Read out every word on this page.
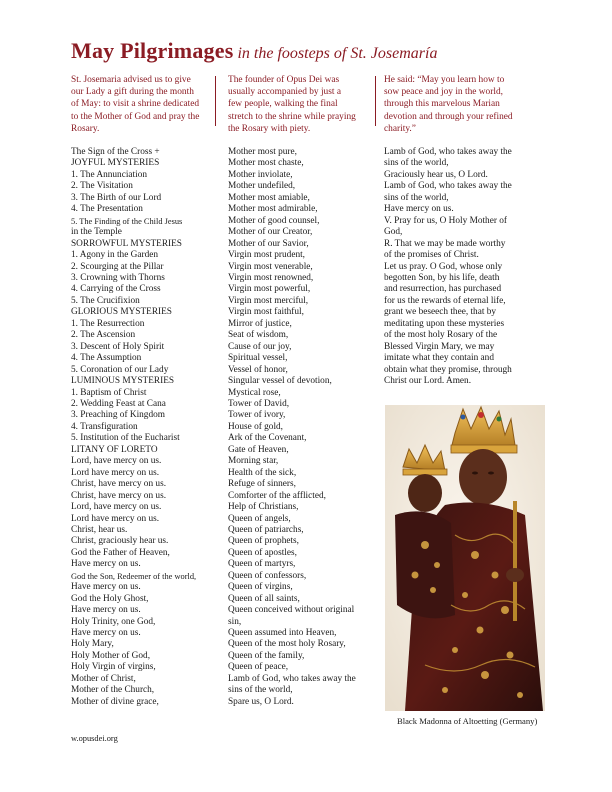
May Pilgrimages in the foosteps of St. Josemaría
St. Josemaria advised us to give
our Lady a gift during the month
of May: to visit a shrine dedicated
to the Mother of God and pray the
Rosary.
The founder of Opus Dei was
usually accompanied by just a
few people, walking the final
stretch to the shrine while praying
the Rosary with piety.
He said: “May you learn how to
sow peace and joy in the world,
through this marvelous Marian
devotion and through your refined
charity.”
The Sign of the Cross +
JOYFUL MYSTERIES
1. The Annunciation
2. The Visitation
3. The Birth of our Lord
4. The Presentation
5. The Finding of the Child Jesus
in the Temple
SORROWFUL MYSTERIES
1. Agony in the Garden
2. Scourging at the Pillar
3. Crowning with Thorns
4. Carrying of the Cross
5. The Crucifixion
GLORIOUS MYSTERIES
1. The Resurrection
2. The Ascension
3. Descent of Holy Spirit
4. The Assumption
5. Coronation of our Lady
LUMINOUS MYSTERIES
1. Baptism of Christ
2. Wedding Feast at Cana
3. Preaching of Kingdom
4. Transfiguration
5. Institution of the Eucharist
LITANY OF LORETO
Lord, have mercy on us.
Lord have mercy on us.
Christ, have mercy on us.
Christ, have mercy on us.
Lord, have mercy on us.
Lord have mercy on us.
Christ, hear us.
Christ, graciously hear us.
God the Father of Heaven,
Have mercy on us.
God the Son, Redeemer of the world,
Have mercy on us.
God the Holy Ghost,
Have mercy on us.
Holy Trinity, one God,
Have mercy on us.
Holy Mary,
Holy Mother of God,
Holy Virgin of virgins,
Mother of Christ,
Mother of the Church,
Mother of divine grace,
Mother most pure,
Mother most chaste,
Mother inviolate,
Mother undefiled,
Mother most amiable,
Mother most admirable,
Mother of good counsel,
Mother of our Creator,
Mother of our Savior,
Virgin most prudent,
Virgin most venerable,
Virgin most renowned,
Virgin most powerful,
Virgin most merciful,
Virgin most faithful,
Mirror of justice,
Seat of wisdom,
Cause of our joy,
Spiritual vessel,
Vessel of honor,
Singular vessel of devotion,
Mystical rose,
Tower of David,
Tower of ivory,
House of gold,
Ark of the Covenant,
Gate of Heaven,
Morning star,
Health of the sick,
Refuge of sinners,
Comforter of the afflicted,
Help of Christians,
Queen of angels,
Queen of patriarchs,
Queen of prophets,
Queen of apostles,
Queen of martyrs,
Queen of confessors,
Queen of virgins,
Queen of all saints,
Queen conceived without original
sin,
Queen assumed into Heaven,
Queen of the most holy Rosary,
Queen of the family,
Queen of peace,
Lamb of God, who takes away the
sins of the world,
Spare us, O Lord.
Lamb of God, who takes away the
sins of the world,
Graciously hear us, O Lord.
Lamb of God, who takes away the
sins of the world,
Have mercy on us.
V. Pray for us, O Holy Mother of
God,
R. That we may be made worthy
of the promises of Christ.
Let us pray. O God, whose only
begotten Son, by his life, death
and resurrection, has purchased
for us the rewards of eternal life,
grant we beseech thee, that by
meditating upon these mysteries
of the most holy Rosary of the
Blessed Virgin Mary, we may
imitate what they contain and
obtain what they promise, through
Christ our Lord. Amen.
Black Madonna of Altoetting (Germany)
w.opusdei.org
